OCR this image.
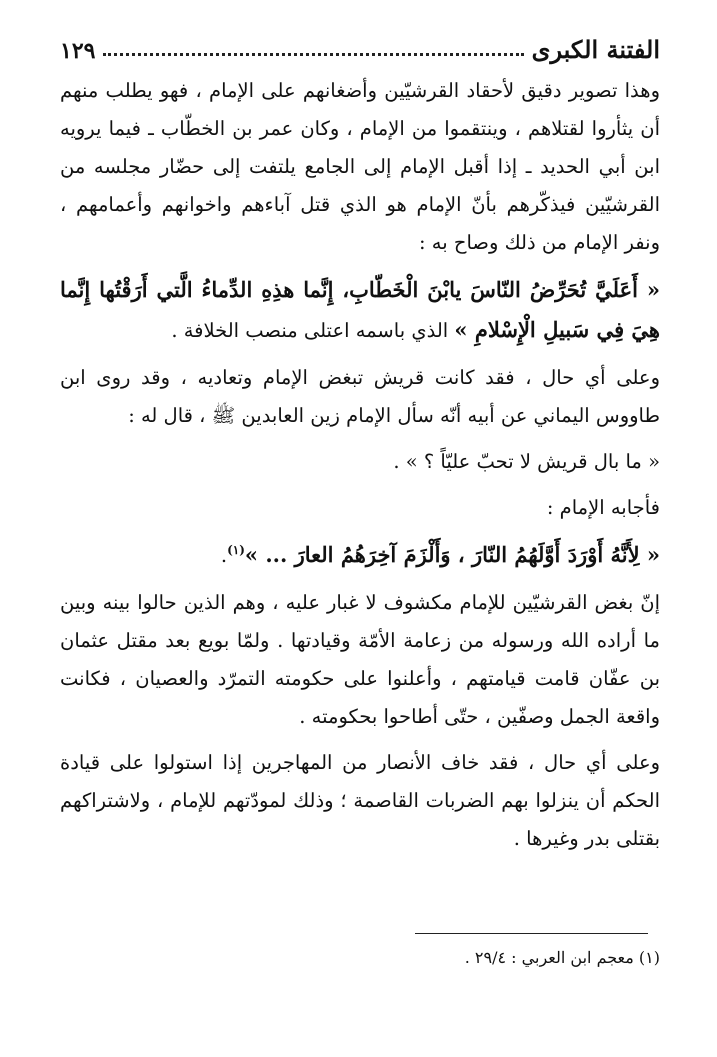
الفتنة الكبرى
١٢٩

وهذا تصوير دقيق لأحقاد القرشيّين وأضغانهم على الإمام ، فهو يطلب منهم أن يثأروا لقتلاهم ، وينتقموا من الإمام ، وكان عمر بن الخطّاب ـ فيما يرويه ابن أبي الحديد ـ إذا أقبل الإمام إلى الجامع يلتفت إلى حضّار مجلسه من القرشيّين فيذكّرهم بأنّ الإمام هو الذي قتل آباءهم واخوانهم وأعمامهم ، ونفر الإمام من ذلك وصاح به :

« أَعَلَيَّ تُحَرِّضُ النّاسَ يابْنَ الْخَطّابِ، إِنَّما هذِهِ الدِّماءُ الَّتي أَرَقْتُها إِنَّما هِيَ فِي سَبيلِ الْإِسْلامِ » الذي باسمه اعتلى منصب الخلافة .

وعلى أي حال ، فقد كانت قريش تبغض الإمام وتعاديه ، وقد روى ابن طاووس اليماني عن أبيه أنّه سأل الإمام زين العابدين ﷺ ، قال له :

« ما بال قريش لا تحبّ عليّاً ؟ » .

فأجابه الإمام :

« لِأَنَّهُ أَوْرَدَ أَوَّلَهُمُ النّارَ ، وَأَلْزَمَ آخِرَهُمُ العارَ ... »$^{(١)}$.

إنّ بغض القرشيّين للإمام مكشوف لا غبار عليه ، وهم الذين حالوا بينه وبين ما أراده الله ورسوله من زعامة الأمّة وقيادتها . ولمّا بويع بعد مقتل عثمان بن عفّان قامت قيامتهم ، وأعلنوا على حكومته التمرّد والعصيان ، فكانت واقعة الجمل وصفّين ، حتّى أطاحوا بحكومته .

وعلى أي حال ، فقد خاف الأنصار من المهاجرين إذا استولوا على قيادة الحكم أن ينزلوا بهم الضربات القاصمة ؛ وذلك لمودّتهم للإمام ، ولاشتراكهم بقتلى بدر وغيرها .

(١) معجم ابن العربي : ٢٩/٤ .
